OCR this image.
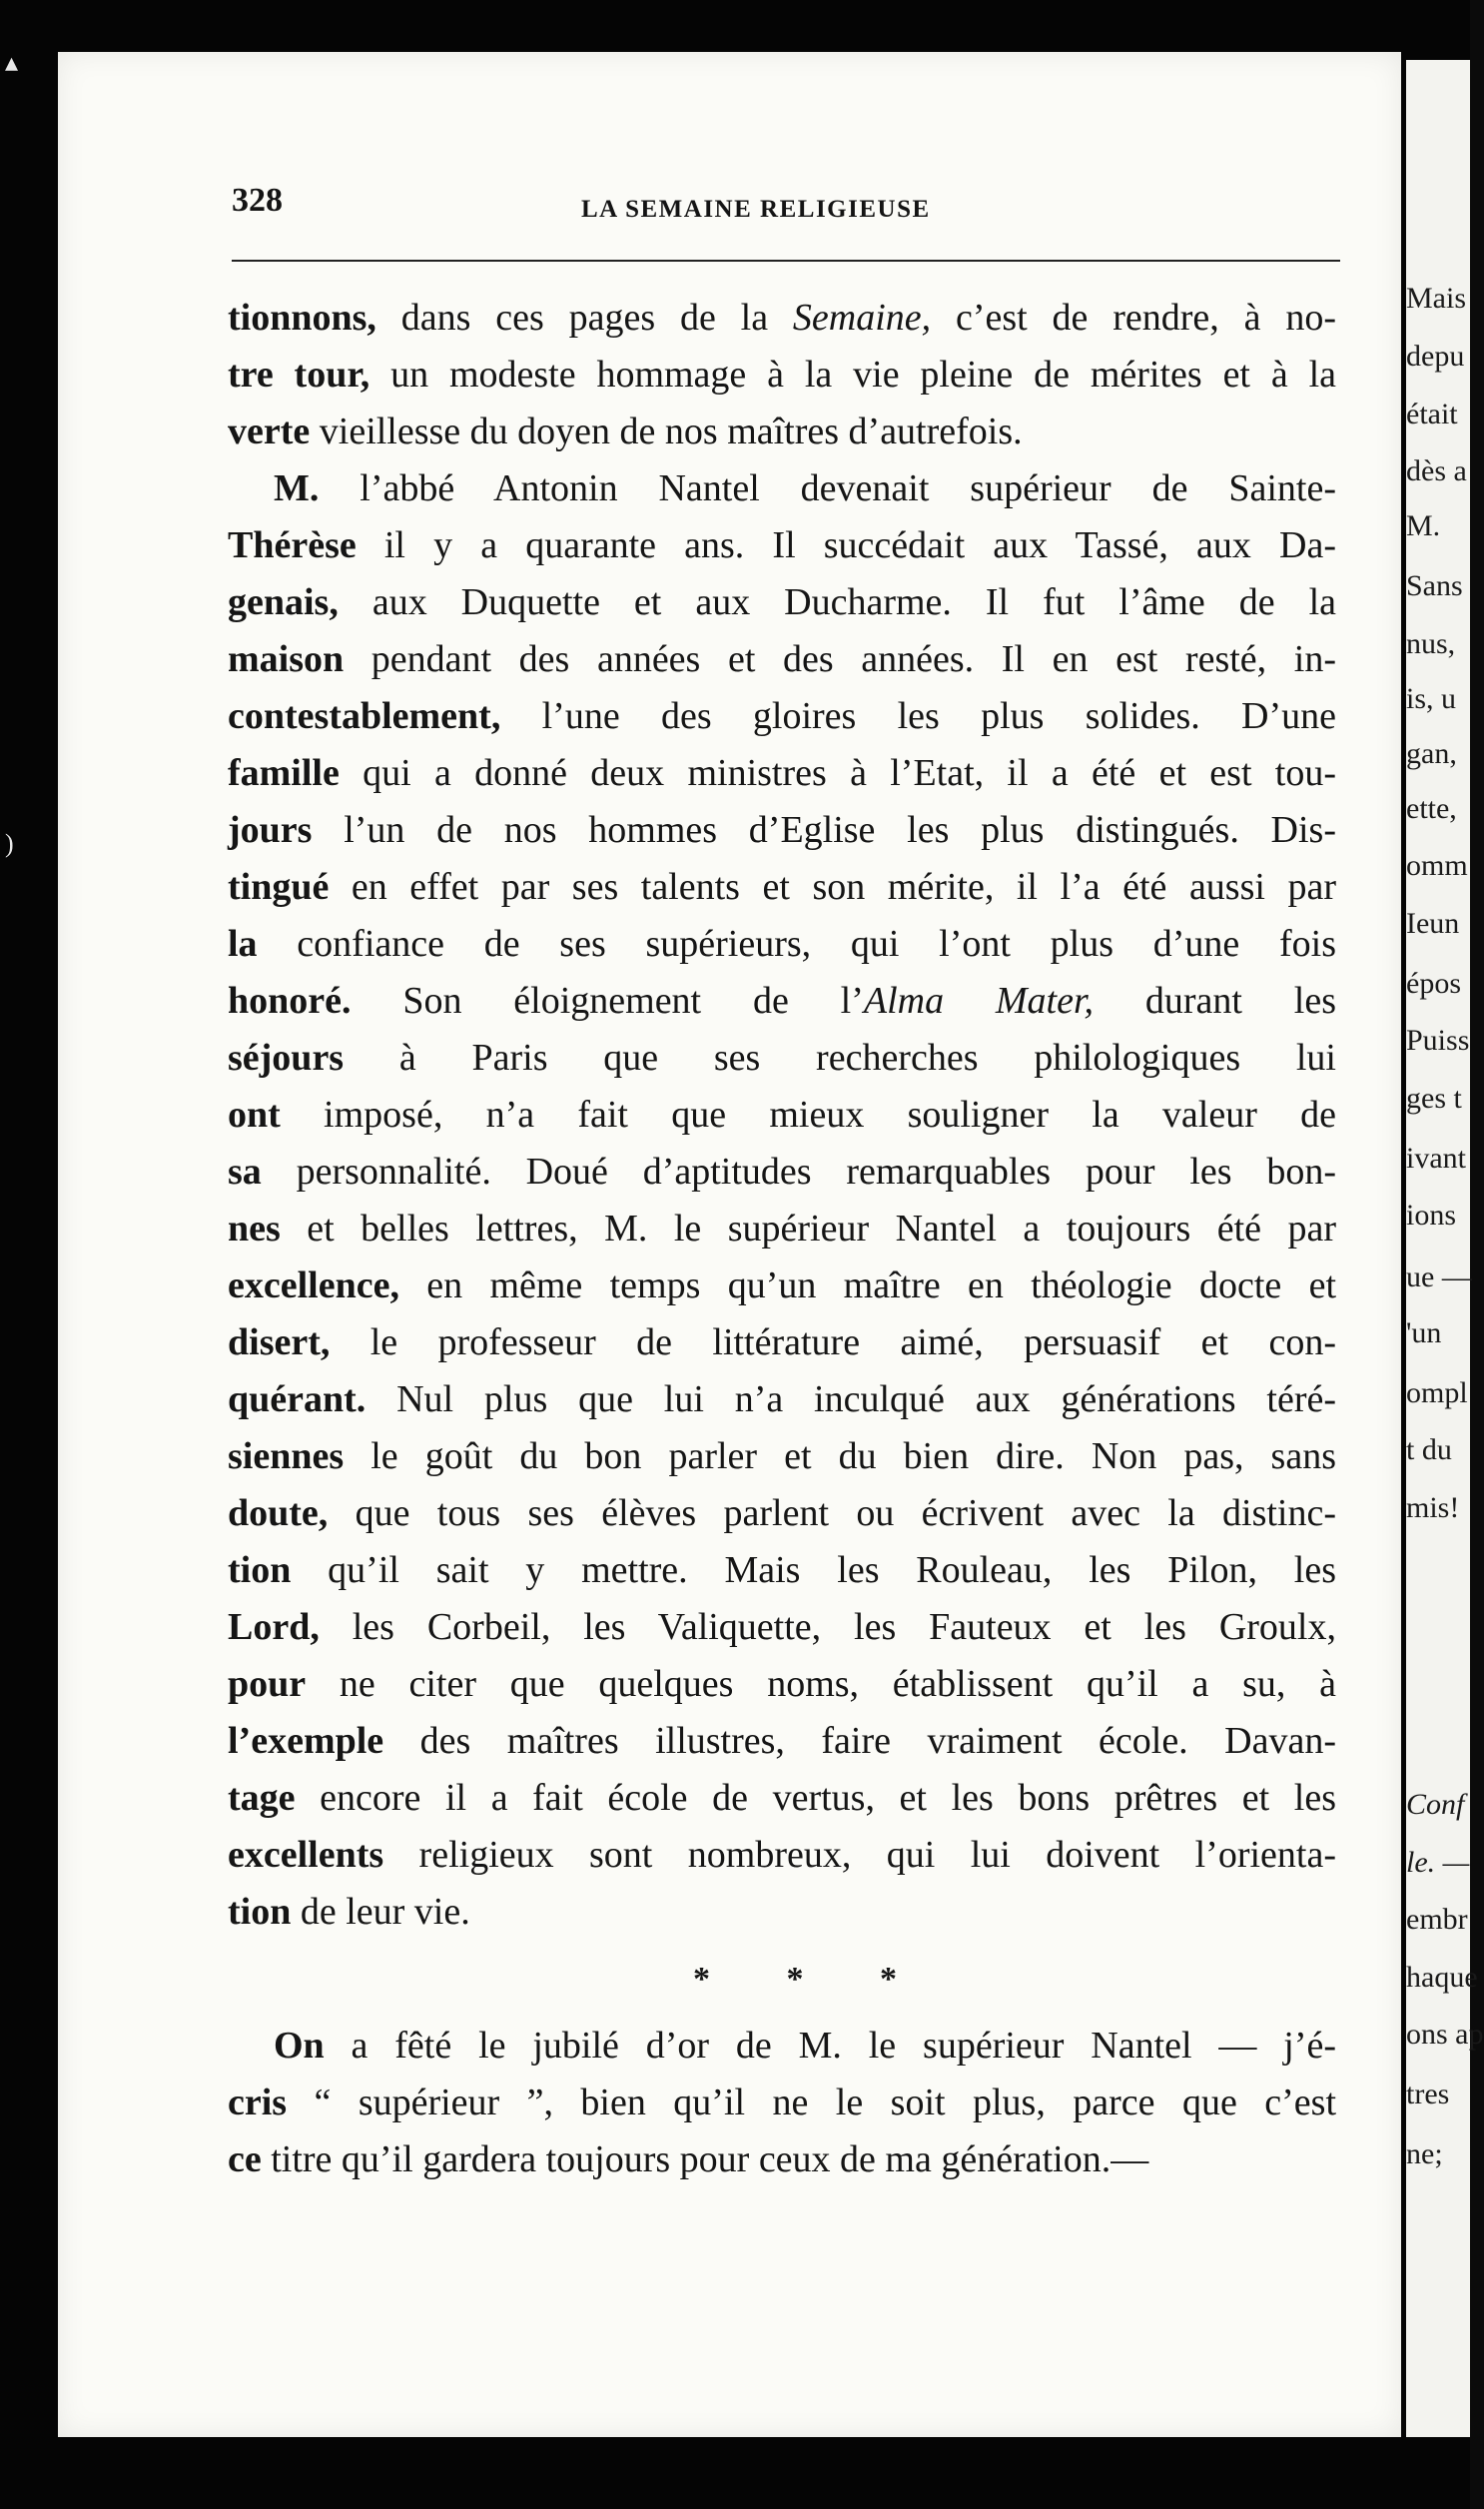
▴
)
Mais
depu
était
dès a
M.
Sans
nus,
is, u
gan,
ette,
omm
Ieun
épos
Puiss
ges t
ivant
ions
ue —
'un
ompl
t du
mis!
Conf
le. —
embr
haque
ons ap
tres
ne;
328	LA SEMAINE RELIGIEUSE
tionnons, dans ces pages de la Semaine, c’est de rendre, à no-
tre tour, un modeste hommage à la vie pleine de mérites et à la
verte vieillesse du doyen de nos maîtres d’autrefois.
M. l’abbé Antonin Nantel devenait supérieur de Sainte-
Thérèse il y a quarante ans. Il succédait aux Tassé, aux Da-
genais, aux Duquette et aux Ducharme. Il fut l’âme de la
maison pendant des années et des années. Il en est resté, in-
contestablement, l’une des gloires les plus solides. D’une
famille qui a donné deux ministres à l’Etat, il a été et est tou-
jours l’un de nos hommes d’Eglise les plus distingués. Dis-
tingué en effet par ses talents et son mérite, il l’a été aussi par
la confiance de ses supérieurs, qui l’ont plus d’une fois
honoré. Son éloignement de l’Alma Mater, durant les
séjours à Paris que ses recherches philologiques lui
ont imposé, n’a fait que mieux souligner la valeur de
sa personnalité. Doué d’aptitudes remarquables pour les bon-
nes et belles lettres, M. le supérieur Nantel a toujours été par
excellence, en même temps qu’un maître en théologie docte et
disert, le professeur de littérature aimé, persuasif et con-
quérant. Nul plus que lui n’a inculqué aux générations téré-
siennes le goût du bon parler et du bien dire. Non pas, sans
doute, que tous ses élèves parlent ou écrivent avec la distinc-
tion qu’il sait y mettre. Mais les Rouleau, les Pilon, les
Lord, les Corbeil, les Valiquette, les Fauteux et les Groulx,
pour ne citer que quelques noms, établissent qu’il a su, à
l’exemple des maîtres illustres, faire vraiment école. Davan-
tage encore il a fait école de vertus, et les bons prêtres et les
excellents religieux sont nombreux, qui lui doivent l’orienta-
tion de leur vie.
* * *
On a fêté le jubilé d’or de M. le supérieur Nantel — j’é-
cris “ supérieur ”, bien qu’il ne le soit plus, parce que c’est
ce titre qu’il gardera toujours pour ceux de ma génération.—
